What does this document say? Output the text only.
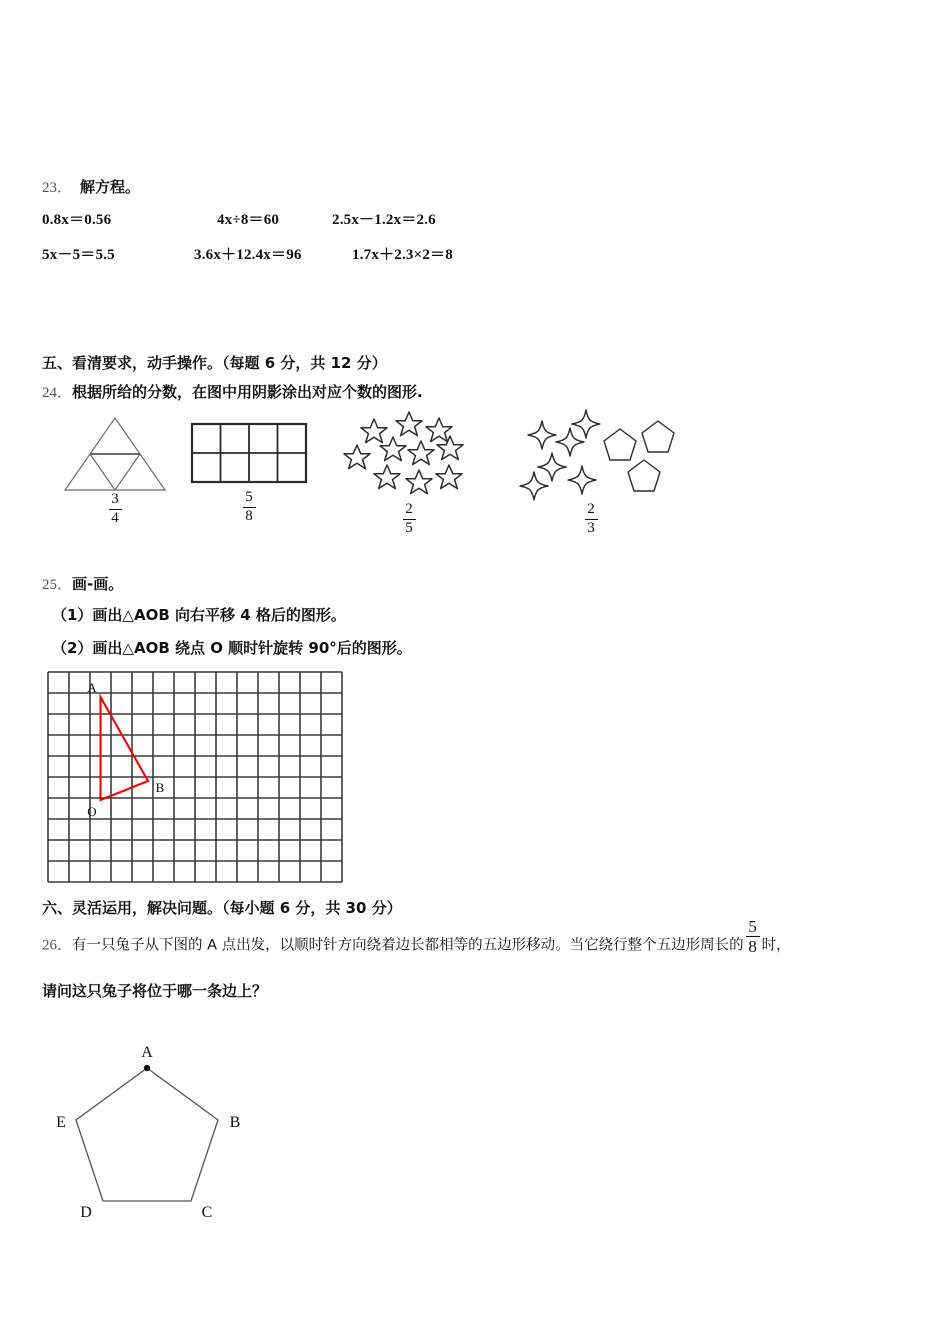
23． 解方程。
0.8x＝0.56	4x÷8＝60	2.5x－1.2x＝2.6
5x－5＝5.5	3.6x＋12.4x＝96	1.7x＋2.3×2＝8
五、看清要求，动手操作。（每题 6 分，共 12 分）
24．根据所给的分数，在图中用阴影涂出对应个数的图形.
3
4
5
8	2
5
2
3
25．画-画。
（1）画出△AOB 向右平移 4 格后的图形。
（2）画出△AOB 绕点 O 顺时针旋转 90°后的图形。
A
B
O
六、灵活运用，解决问题。（每小题 6 分，共 30 分）
26．有一只兔子从下图的 A 点出发，以顺时针方向绕着边长都相等的五边形移动。当它绕行整个五边形周长的 $\frac{5}{8}$ 时，
请问这只兔子将位于哪一条边上？
A
B
C
D
E
